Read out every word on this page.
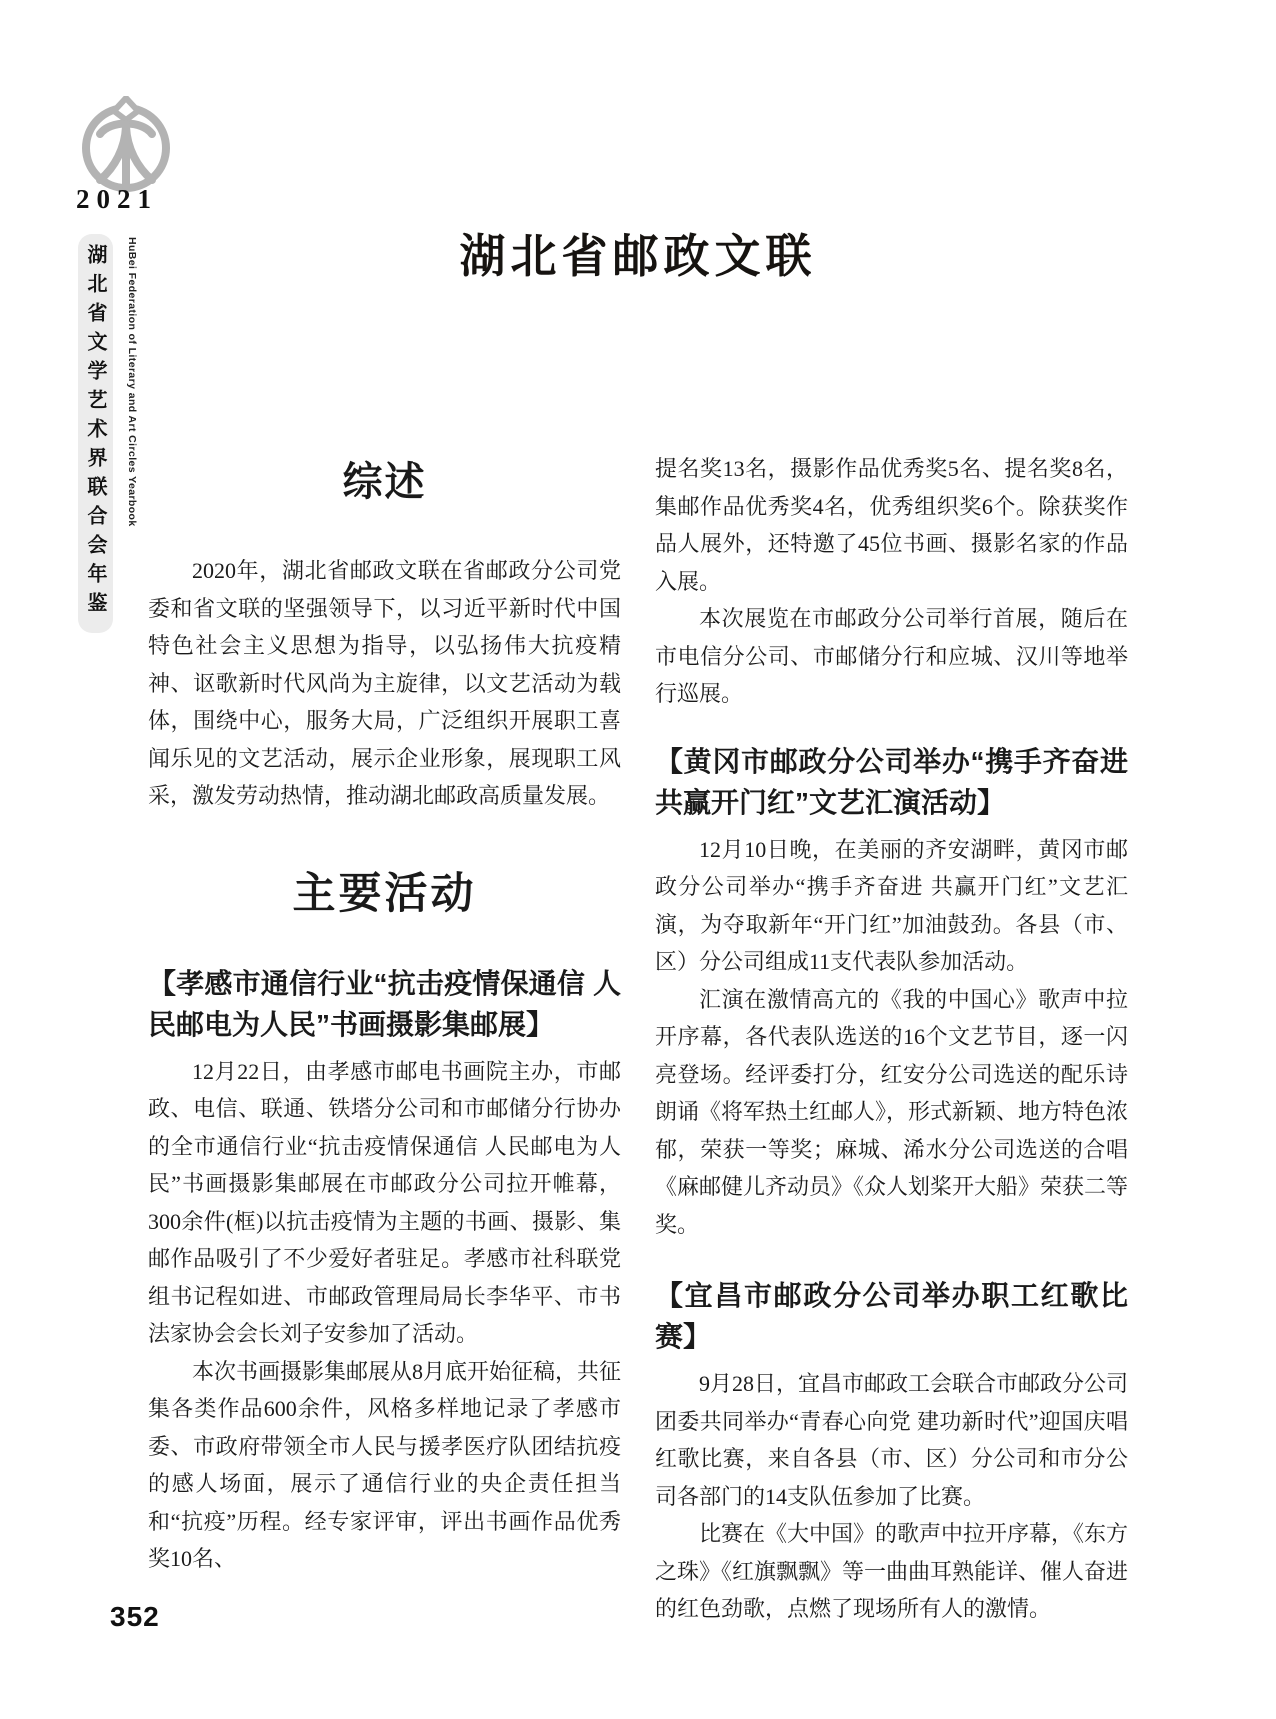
2021
湖北省文学艺术界联合会年鉴	HuBei Federation of Literary and Art Circles Yearbook	湖北省邮政文联
综述

2020年，湖北省邮政文联在省邮政分公司党委和省文联的坚强领导下，以习近平新时代中国特色社会主义思想为指导，以弘扬伟大抗疫精神、讴歌新时代风尚为主旋律，以文艺活动为载体，围绕中心，服务大局，广泛组织开展职工喜闻乐见的文艺活动，展示企业形象，展现职工风采，激发劳动热情，推动湖北邮政高质量发展。

主要活动
【孝感市通信行业“抗击疫情保通信 人民邮电为人民”书画摄影集邮展】

12月22日，由孝感市邮电书画院主办，市邮政、电信、联通、铁塔分公司和市邮储分行协办的全市通信行业“抗击疫情保通信 人民邮电为人民”书画摄影集邮展在市邮政分公司拉开帷幕，300余件(框)以抗击疫情为主题的书画、摄影、集邮作品吸引了不少爱好者驻足。孝感市社科联党组书记程如进、市邮政管理局局长李华平、市书法家协会会长刘子安参加了活动。

本次书画摄影集邮展从8月底开始征稿，共征集各类作品600余件，风格多样地记录了孝感市委、市政府带领全市人民与援孝医疗队团结抗疫的感人场面，展示了通信行业的央企责任担当和“抗疫”历程。经专家评审，评出书画作品优秀奖10名、

提名奖13名，摄影作品优秀奖5名、提名奖8名，集邮作品优秀奖4名，优秀组织奖6个。除获奖作品人展外，还特邀了45位书画、摄影名家的作品入展。

本次展览在市邮政分公司举行首展，随后在市电信分公司、市邮储分行和应城、汉川等地举行巡展。

【黄冈市邮政分公司举办“携手齐奋进 共赢开门红”文艺汇演活动】

12月10日晚，在美丽的齐安湖畔，黄冈市邮政分公司举办“携手齐奋进 共赢开门红”文艺汇演，为夺取新年“开门红”加油鼓劲。各县（市、区）分公司组成11支代表队参加活动。

汇演在激情高亢的《我的中国心》歌声中拉开序幕，各代表队选送的16个文艺节目，逐一闪亮登场。经评委打分，红安分公司选送的配乐诗朗诵《将军热土红邮人》，形式新颖、地方特色浓郁，荣获一等奖；麻城、浠水分公司选送的合唱《麻邮健儿齐动员》《众人划桨开大船》荣获二等奖。

【宜昌市邮政分公司举办职工红歌比赛】

9月28日，宜昌市邮政工会联合市邮政分公司团委共同举办“青春心向党 建功新时代”迎国庆唱红歌比赛，来自各县（市、区）分公司和市分公司各部门的14支队伍参加了比赛。

比赛在《大中国》的歌声中拉开序幕，《东方之珠》《红旗飘飘》等一曲曲耳熟能详、催人奋进的红色劲歌，点燃了现场所有人的激情。

352
